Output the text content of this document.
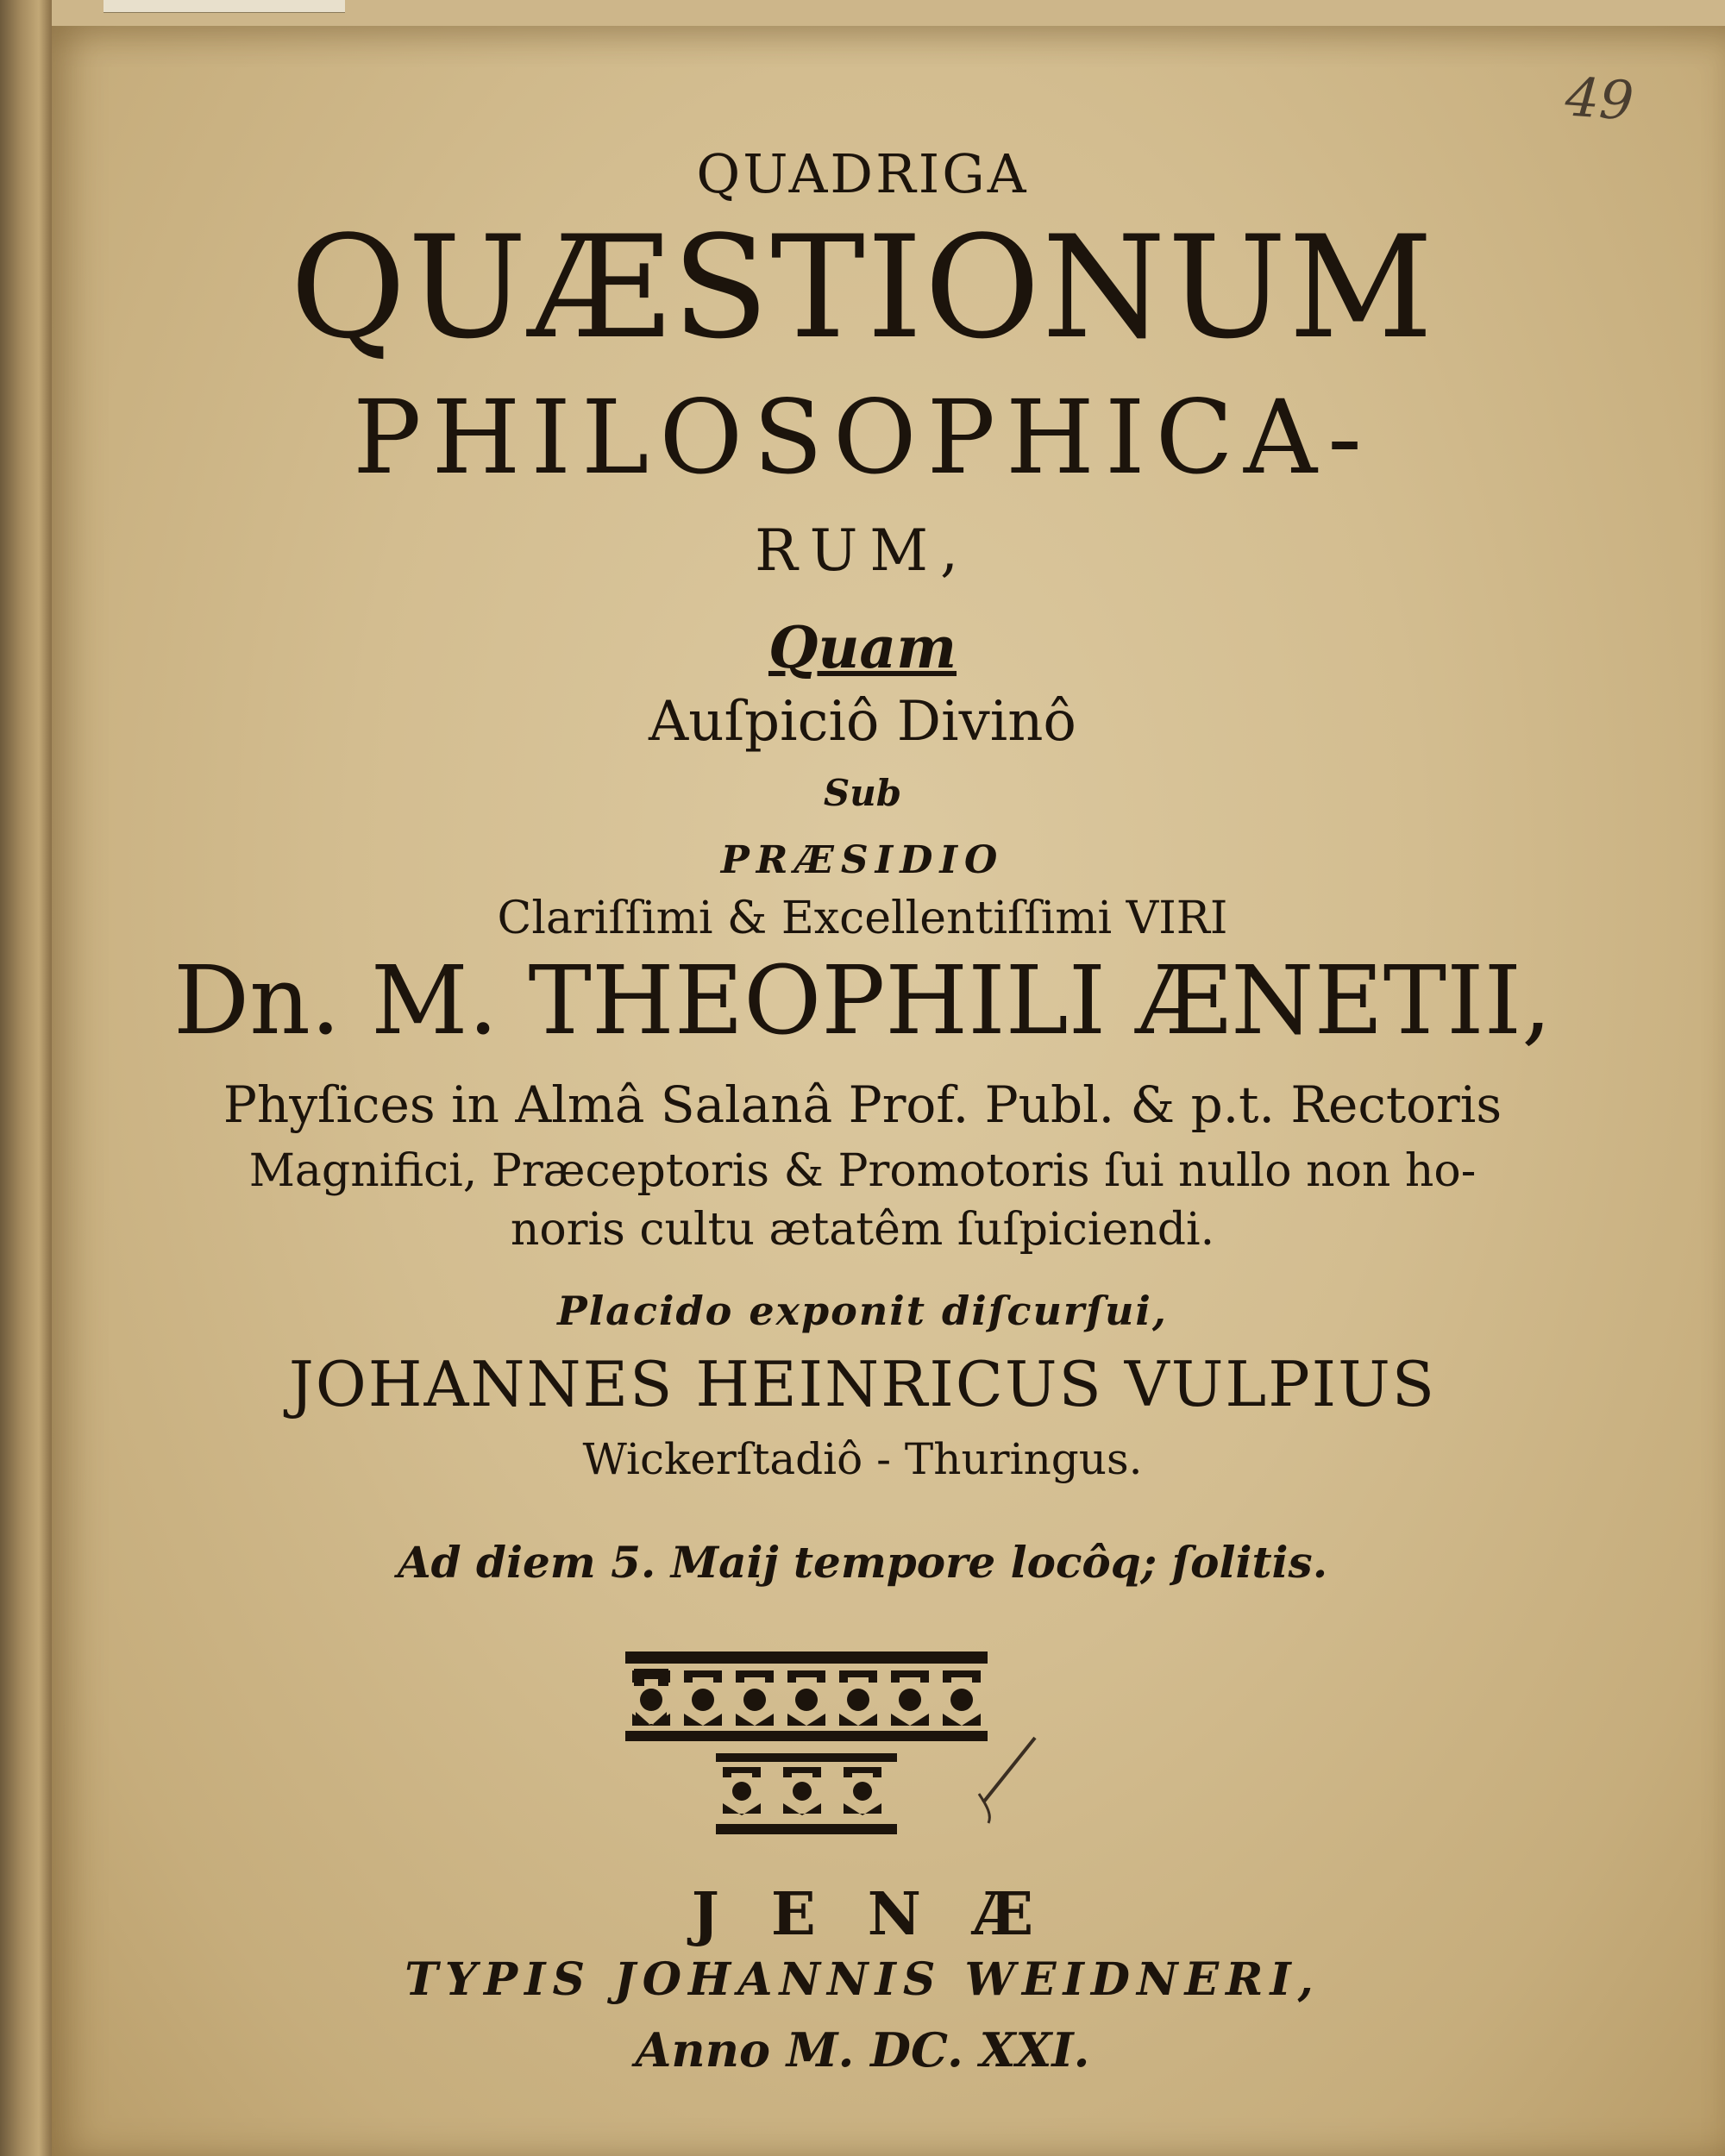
49

QUADRIGA

QUÆSTIONUM

PHILOSOPHICA-

RUM,

Quam

Auſpiciô Divinô

Sub

PRÆSIDIO

Clariſſimi & Excellentiſſimi VIRI

Dn. M. THEOPHILI ÆNETII,

Phyſices in Almâ Salanâ Prof. Publ. & p.t. Rectoris

Magnifici, Præceptoris & Promotoris ſui nullo non ho-

noris cultu ætatêm ſuſpiciendi.

Placido exponit diſcurſui,

JOHANNES HEINRICUS VULPIUS

Wickerſtadiô - Thuringus.

Ad diem 5. Maij tempore locôq; ſolitis.

JENÆ

TYPIS JOHANNIS WEIDNERI,

Anno M. DC. XXI.
